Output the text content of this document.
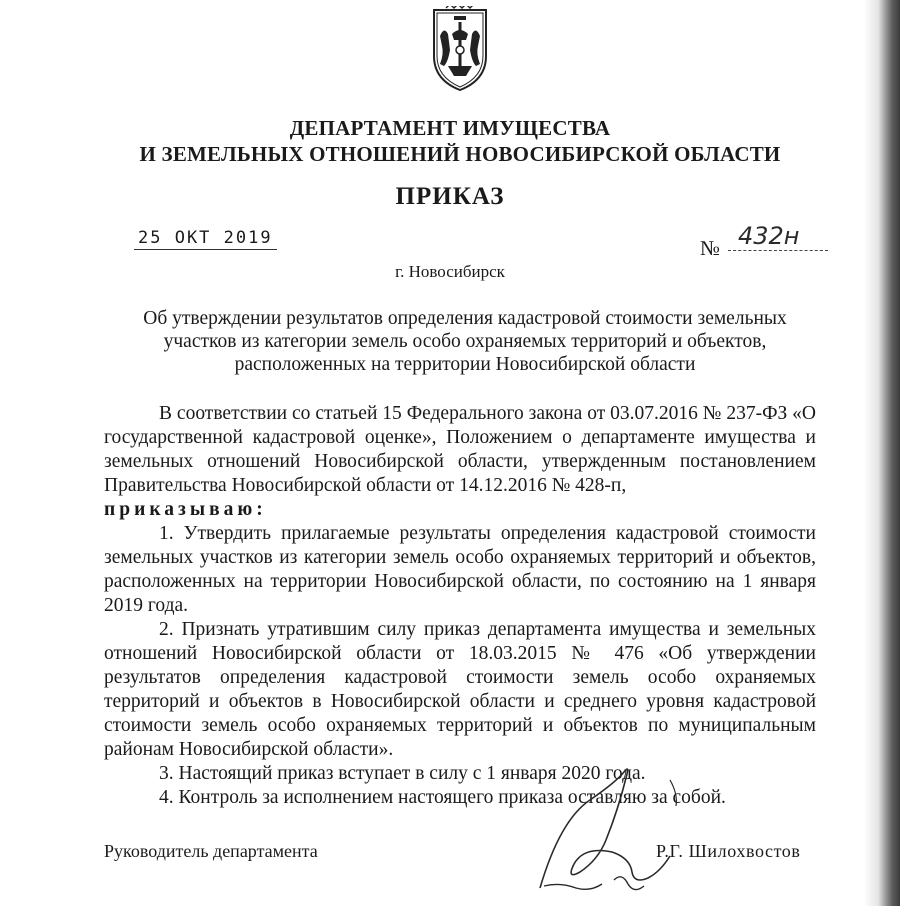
ДЕПАРТАМЕНТ ИМУЩЕСТВА
И ЗЕМЕЛЬНЫХ ОТНОШЕНИЙ НОВОСИБИРСКОЙ ОБЛАСТИ
ПРИКАЗ
25 ОКТ 2019	№ 432н
г. Новосибирск
Об утверждении результатов определения кадастровой стоимости земельных участков из категории земель особо охраняемых территорий и объектов, расположенных на территории Новосибирской области

В соответствии со статьей 15 Федерального закона от 03.07.2016 № 237-ФЗ «О государственной кадастровой оценке», Положением о департаменте имущества и земельных отношений Новосибирской области, утвержденным постановлением Правительства Новосибирской области от 14.12.2016 № 428-п,

приказываю:

1. Утвердить прилагаемые результаты определения кадастровой стоимости земельных участков из категории земель особо охраняемых территорий и объектов, расположенных на территории Новосибирской области, по состоянию на 1 января 2019 года.

2. Признать утратившим силу приказ департамента имущества и земельных отношений Новосибирской области от 18.03.2015 № 476 «Об утверждении результатов определения кадастровой стоимости земель особо охраняемых территорий и объектов в Новосибирской области и среднего уровня кадастровой стоимости земель особо охраняемых территорий и объектов по муниципальным районам Новосибирской области».

3. Настоящий приказ вступает в силу с 1 января 2020 года.

4. Контроль за исполнением настоящего приказа оставляю за собой.

Руководитель департамента	Р.Г. Шилохвостов
